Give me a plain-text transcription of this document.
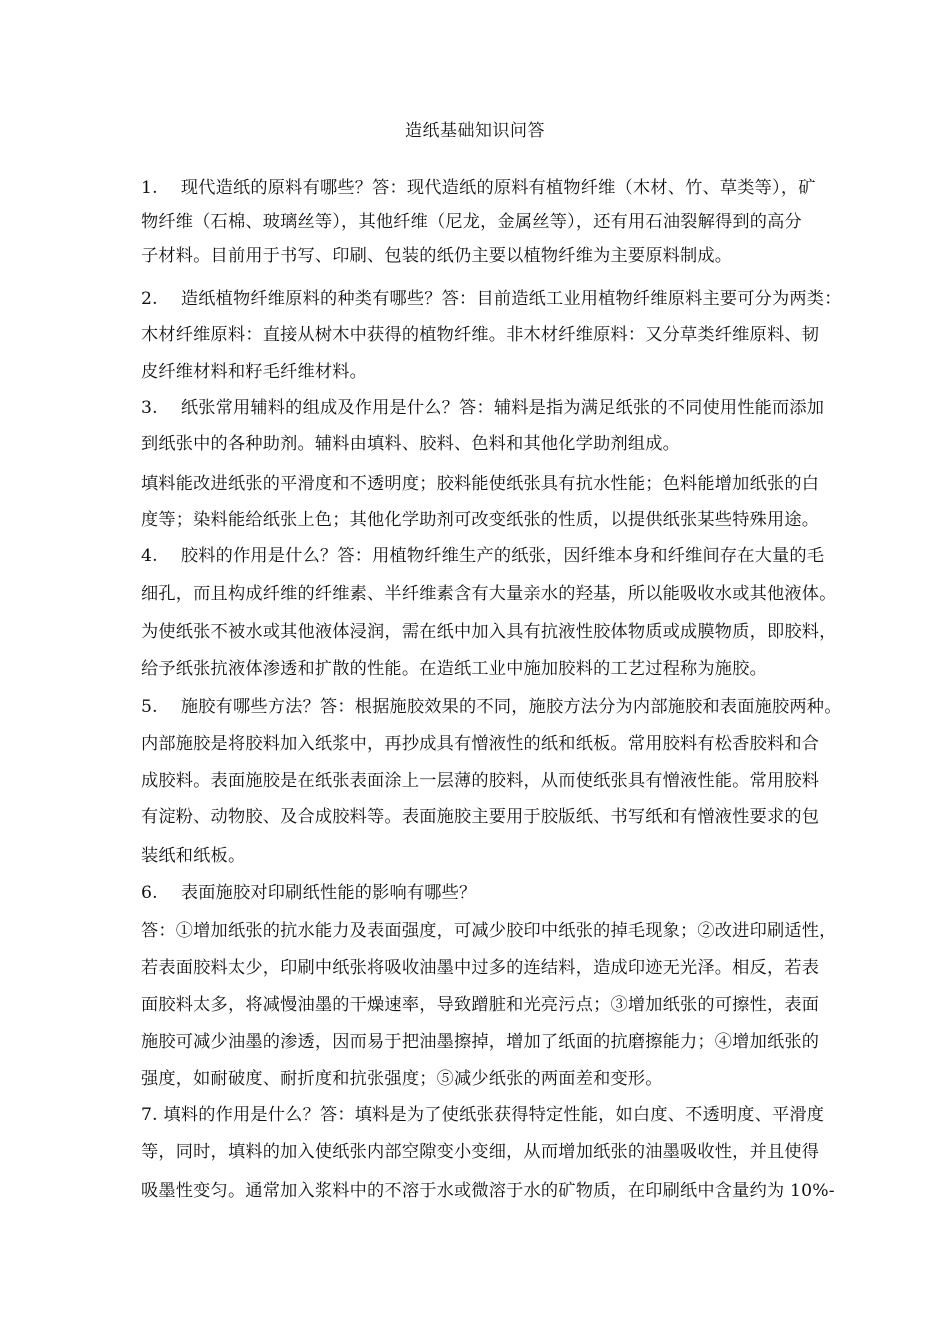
造纸基础知识问答
1.　 现代造纸的原料有哪些？答：现代造纸的原料有植物纤维（木材、竹、草类等），矿
物纤维（石棉、玻璃丝等），其他纤维（尼龙，金属丝等），还有用石油裂解得到的高分
子材料。目前用于书写、印刷、包装的纸仍主要以植物纤维为主要原料制成。
2.　 造纸植物纤维原料的种类有哪些？答：目前造纸工业用植物纤维原料主要可分为两类：
木材纤维原料：直接从树木中获得的植物纤维。非木材纤维原料：又分草类纤维原料、韧
皮纤维材料和籽毛纤维材料。
3.　 纸张常用辅料的组成及作用是什么？答：辅料是指为满足纸张的不同使用性能而添加
到纸张中的各种助剂。辅料由填料、胶料、色料和其他化学助剂组成。
填料能改进纸张的平滑度和不透明度；胶料能使纸张具有抗水性能；色料能增加纸张的白
度等；染料能给纸张上色；其他化学助剂可改变纸张的性质，以提供纸张某些特殊用途。
4.　 胶料的作用是什么？答：用植物纤维生产的纸张，因纤维本身和纤维间存在大量的毛
细孔，而且构成纤维的纤维素、半纤维素含有大量亲水的羟基，所以能吸收水或其他液体。
为使纸张不被水或其他液体浸润，需在纸中加入具有抗液性胶体物质或成膜物质，即胶料，
给予纸张抗液体渗透和扩散的性能。在造纸工业中施加胶料的工艺过程称为施胶。
5.　 施胶有哪些方法？答：根据施胶效果的不同，施胶方法分为内部施胶和表面施胶两种。
内部施胶是将胶料加入纸浆中，再抄成具有憎液性的纸和纸板。常用胶料有松香胶料和合
成胶料。表面施胶是在纸张表面涂上一层薄的胶料，从而使纸张具有憎液性能。常用胶料
有淀粉、动物胶、及合成胶料等。表面施胶主要用于胶版纸、书写纸和有憎液性要求的包
装纸和纸板。
6.　 表面施胶对印刷纸性能的影响有哪些？
答：①增加纸张的抗水能力及表面强度，可减少胶印中纸张的掉毛现象；②改进印刷适性，
若表面胶料太少，印刷中纸张将吸收油墨中过多的连结料，造成印迹无光泽。相反，若表
面胶料太多，将减慢油墨的干燥速率，导致蹭脏和光亮污点；③增加纸张的可擦性，表面
施胶可减少油墨的渗透，因而易于把油墨擦掉，增加了纸面的抗磨擦能力；④增加纸张的
强度，如耐破度、耐折度和抗张强度；⑤减少纸张的两面差和变形。
7. 填料的作用是什么？答：填料是为了使纸张获得特定性能，如白度、不透明度、平滑度
等，同时，填料的加入使纸张内部空隙变小变细，从而增加纸张的油墨吸收性，并且使得
吸墨性变匀。通常加入浆料中的不溶于水或微溶于水的矿物质，在印刷纸中含量约为 10%-
